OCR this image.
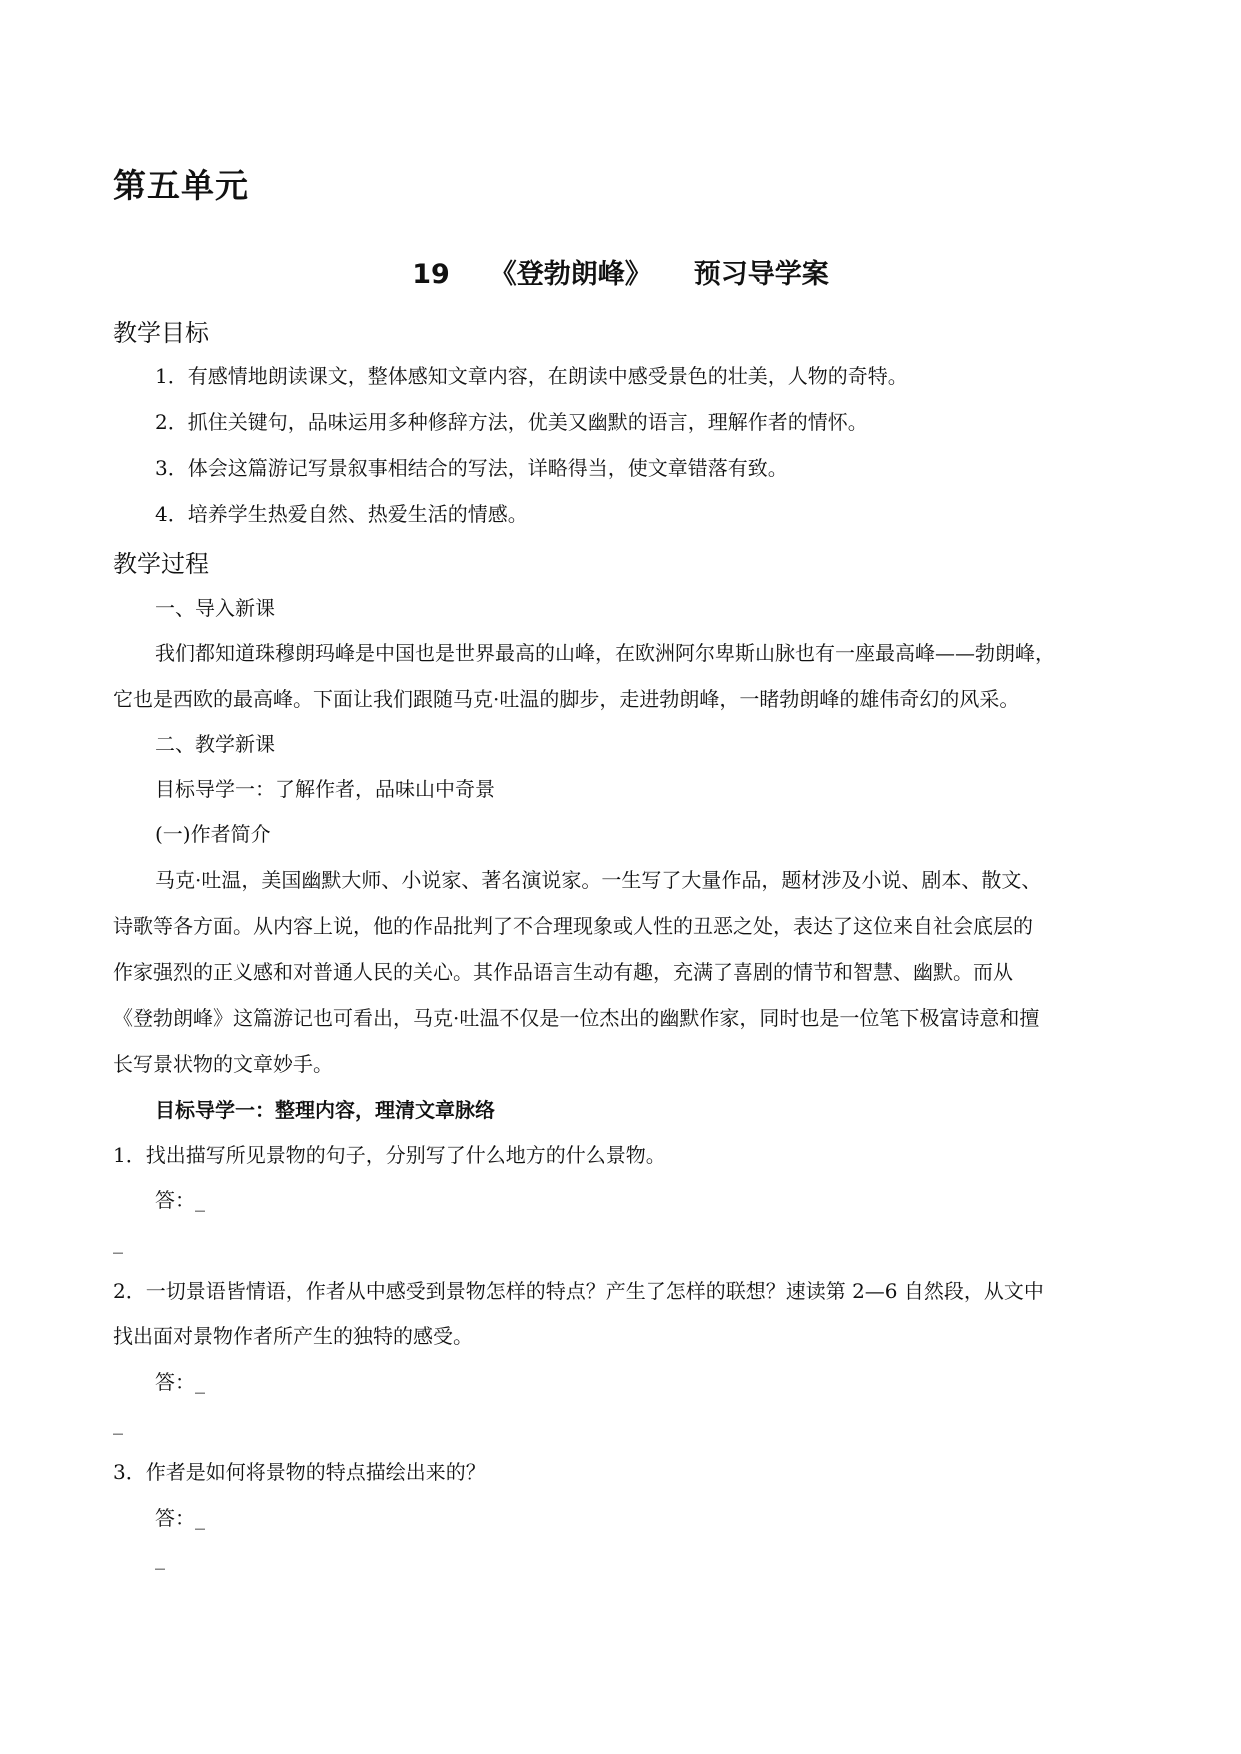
第五单元
19 《登勃朗峰》 预习导学案
教学目标
1．有感情地朗读课文，整体感知文章内容，在朗读中感受景色的壮美，人物的奇特。
2．抓住关键句，品味运用多种修辞方法，优美又幽默的语言，理解作者的情怀。
3．体会这篇游记写景叙事相结合的写法，详略得当，使文章错落有致。
4．培养学生热爱自然、热爱生活的情感。
教学过程
一、导入新课
我们都知道珠穆朗玛峰是中国也是世界最高的山峰，在欧洲阿尔卑斯山脉也有一座最高峰——勃朗峰，
它也是西欧的最高峰。下面让我们跟随马克·吐温的脚步，走进勃朗峰，一睹勃朗峰的雄伟奇幻的风采。
二、教学新课
目标导学一：了解作者，品味山中奇景
(一)作者简介
马克·吐温，美国幽默大师、小说家、著名演说家。一生写了大量作品，题材涉及小说、剧本、散文、
诗歌等各方面。从内容上说，他的作品批判了不合理现象或人性的丑恶之处，表达了这位来自社会底层的
作家强烈的正义感和对普通人民的关心。其作品语言生动有趣，充满了喜剧的情节和智慧、幽默。而从
《登勃朗峰》这篇游记也可看出，马克·吐温不仅是一位杰出的幽默作家，同时也是一位笔下极富诗意和擅
长写景状物的文章妙手。
目标导学一：整理内容，理清文章脉络
1．找出描写所见景物的句子，分别写了什么地方的什么景物。
答：_
_
2．一切景语皆情语，作者从中感受到景物怎样的特点？产生了怎样的联想？速读第 2—6 自然段，从文中
找出面对景物作者所产生的独特的感受。
答：_
_
3．作者是如何将景物的特点描绘出来的？
答：_
_
